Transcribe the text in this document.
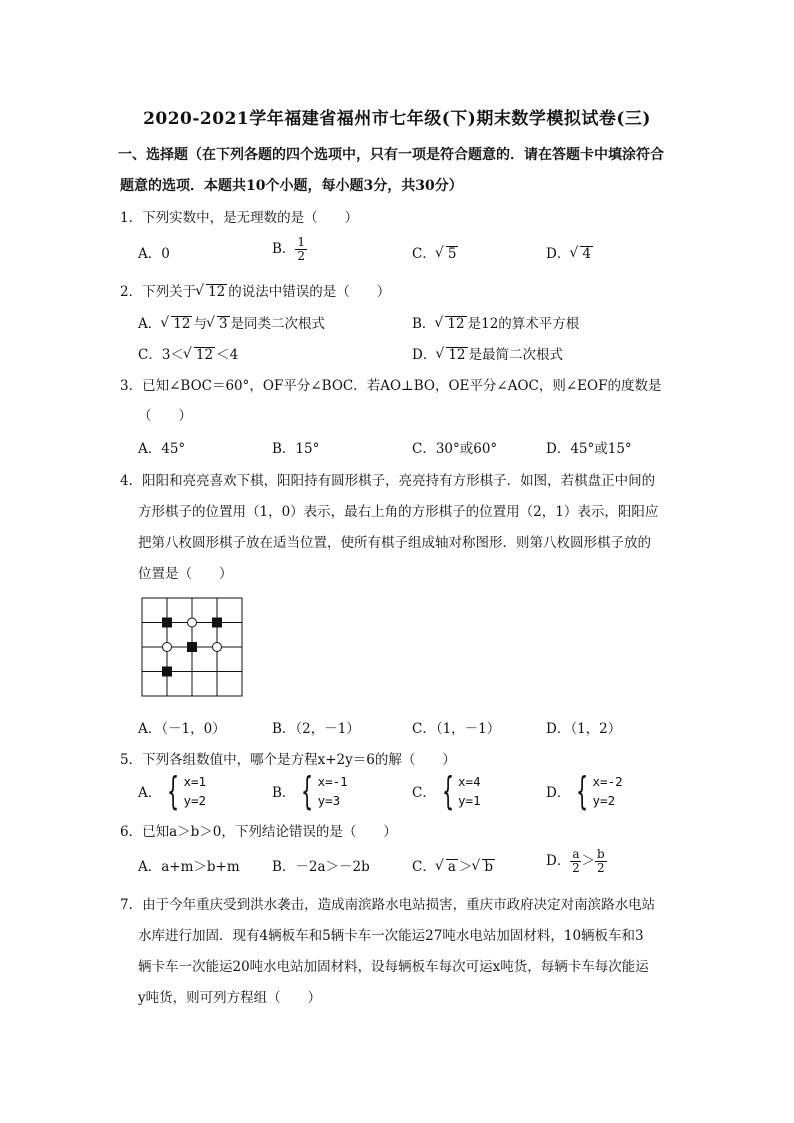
2020-2021学年福建省福州市七年级(下)期末数学模拟试卷(三)
一、选择题（在下列各题的四个选项中，只有一项是符合题意的．请在答题卡中填涂符合
题意的选项．本题共10个小题，每小题3分，共30分）
1．下列实数中，是无理数的是（　　）
A．0	B． $\frac{1}{2}$	C． √ 5	D． √ 4
2．下列关于 √ 12 的说法中错误的是（　　）
A． √ 12 与 √ 3 是同类二次根式	B． √ 12 是12的算术平方根
C．3＜ √ 12 ＜4	D． √ 12 是最简二次根式
3．已知∠BOC＝60°，OF平分∠BOC．若AO⊥BO，OE平分∠AOC，则∠EOF的度数是
（　　）
A．45°	B．15°	C．30°或60°	D．45°或15°
4．阳阳和亮亮喜欢下棋，阳阳持有圆形棋子，亮亮持有方形棋子．如图，若棋盘正中间的
方形棋子的位置用（1，0）表示，最右上角的方形棋子的位置用（2，1）表示，阳阳应
把第八枚圆形棋子放在适当位置，使所有棋子组成轴对称图形．则第八枚圆形棋子放的
位置是（　　）
A．（－1，0）	B．（2，－1）	C．（1，－1）	D．（1，2）
5．下列各组数值中，哪个是方程x+2y＝6的解（　　）
A． { x=1
y=2	B． { x=-1
y=3	C． { x=4
y=1	D． { x=-2
y=2
6．已知a＞b＞0，下列结论错误的是（　　）
A．a+m＞b+m B．－2a＞－2b	C． √ a ＞ √ b	D． $\frac{a}{2} > \frac{b}{2}$
7．由于今年重庆受到洪水袭击，造成南滨路水电站损害，重庆市政府决定对南滨路水电站
水库进行加固．现有4辆板车和5辆卡车一次能运27吨水电站加固材料，10辆板车和3
辆卡车一次能运20吨水电站加固材料，设每辆板车每次可运x吨货，每辆卡车每次能运
y吨货，则可列方程组（　　）
